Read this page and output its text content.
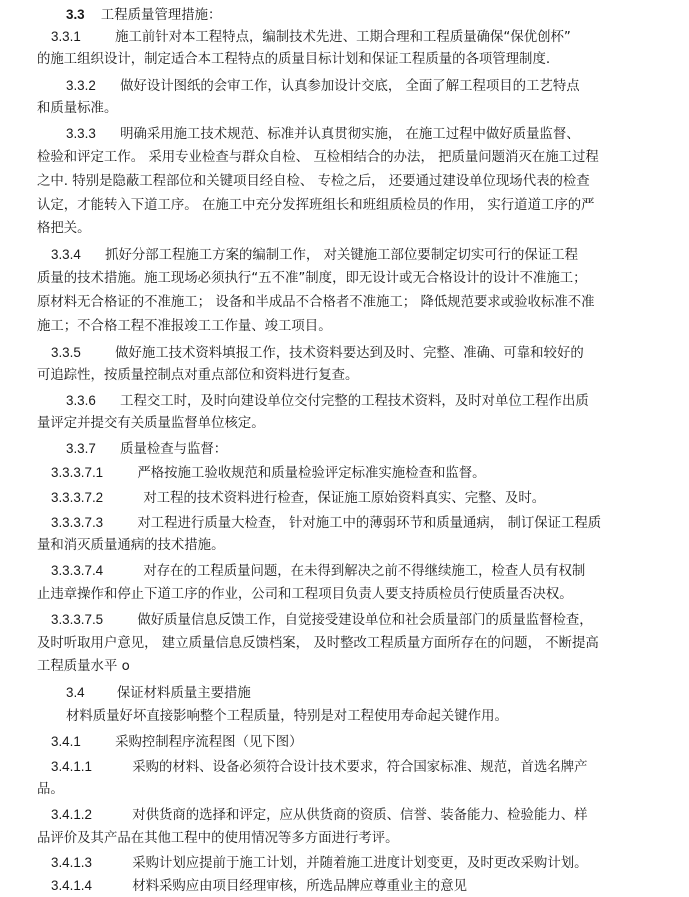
3.3 工程质量管理措施：
3.3.1	施工前针对本工程特点，编制技术先进、工期合理和工程质量确保“保优创杯”
的施工组织设计，制定适合本工程特点的质量目标计划和保证工程质量的各项管理制度.
3.3.2 做好设计图纸的会审工作，认真参加设计交底， 全面了解工程项目的工艺特点
和质量标准。
3.3.3 明确采用施工技术规范、标准并认真贯彻实施， 在施工过程中做好质量监督、
检验和评定工作。 采用专业检查与群众自检、 互检相结合的办法， 把质量问题消灭在施工过程
之中. 特别是隐蔽工程部位和关键项目经自检、 专检之后， 还要通过建设单位现场代表的检查
认定，才能转入下道工序。 在施工中充分发挥班组长和班组质检员的作用， 实行道道工序的严
格把关。
3.3.4 抓好分部工程施工方案的编制工作， 对关键施工部位要制定切实可行的保证工程
质量的技术措施。施工现场必须执行“五不准”制度，即无设计或无合格设计的设计不准施工；
原材料无合格证的不准施工； 设备和半成品不合格者不准施工； 降低规范要求或验收标准不准
施工；不合格工程不准报竣工工作量、竣工项目。
3.3.5	做好施工技术资料填报工作，技术资料要达到及时、完整、准确、可靠和较好的
可追踪性，按质量控制点对重点部位和资料进行复查。
3.3.6 工程交工时，及时向建设单位交付完整的工程技术资料，及时对单位工程作出质
量评定并提交有关质量监督单位核定。
3.3.7 质量检查与监督：
3.3.3.7.1	严格按施工验收规范和质量检验评定标准实施检查和监督。
3.3.3.7.2	对工程的技术资料进行检查，保证施工原始资料真实、完整、及时。
3.3.3.7.3	对工程进行质量大检查， 针对施工中的薄弱环节和质量通病， 制订保证工程质
量和消灭质量通病的技术措施。
3.3.3.7.4	对存在的工程质量问题，在未得到解决之前不得继续施工，检查人员有权制
止违章操作和停止下道工序的作业，公司和工程项目负责人要支持质检员行使质量否决权。
3.3.3.7.5	做好质量信息反馈工作，自觉接受建设单位和社会质量部门的质量监督检查，
及时听取用户意见， 建立质量信息反馈档案， 及时整改工程质量方面所存在的问题， 不断提高
工程质量水平 o
3.4 保证材料质量主要措施
材料质量好坏直接影响整个工程质量，特别是对工程使用寿命起关键作用。
3.4.1	采购控制程序流程图（见下图）
3.4.1.1	采购的材料、设备必须符合设计技术要求，符合国家标准、规范，首选名牌产
品。
3.4.1.2	对供货商的选择和评定，应从供货商的资质、信誉、装备能力、检验能力、样
品评价及其产品在其他工程中的使用情况等多方面进行考评。
3.4.1.3	采购计划应提前于施工计划，并随着施工进度计划变更，及时更改采购计划。
3.4.1.4	材料采购应由项目经理审核，所选品牌应尊重业主的意见
